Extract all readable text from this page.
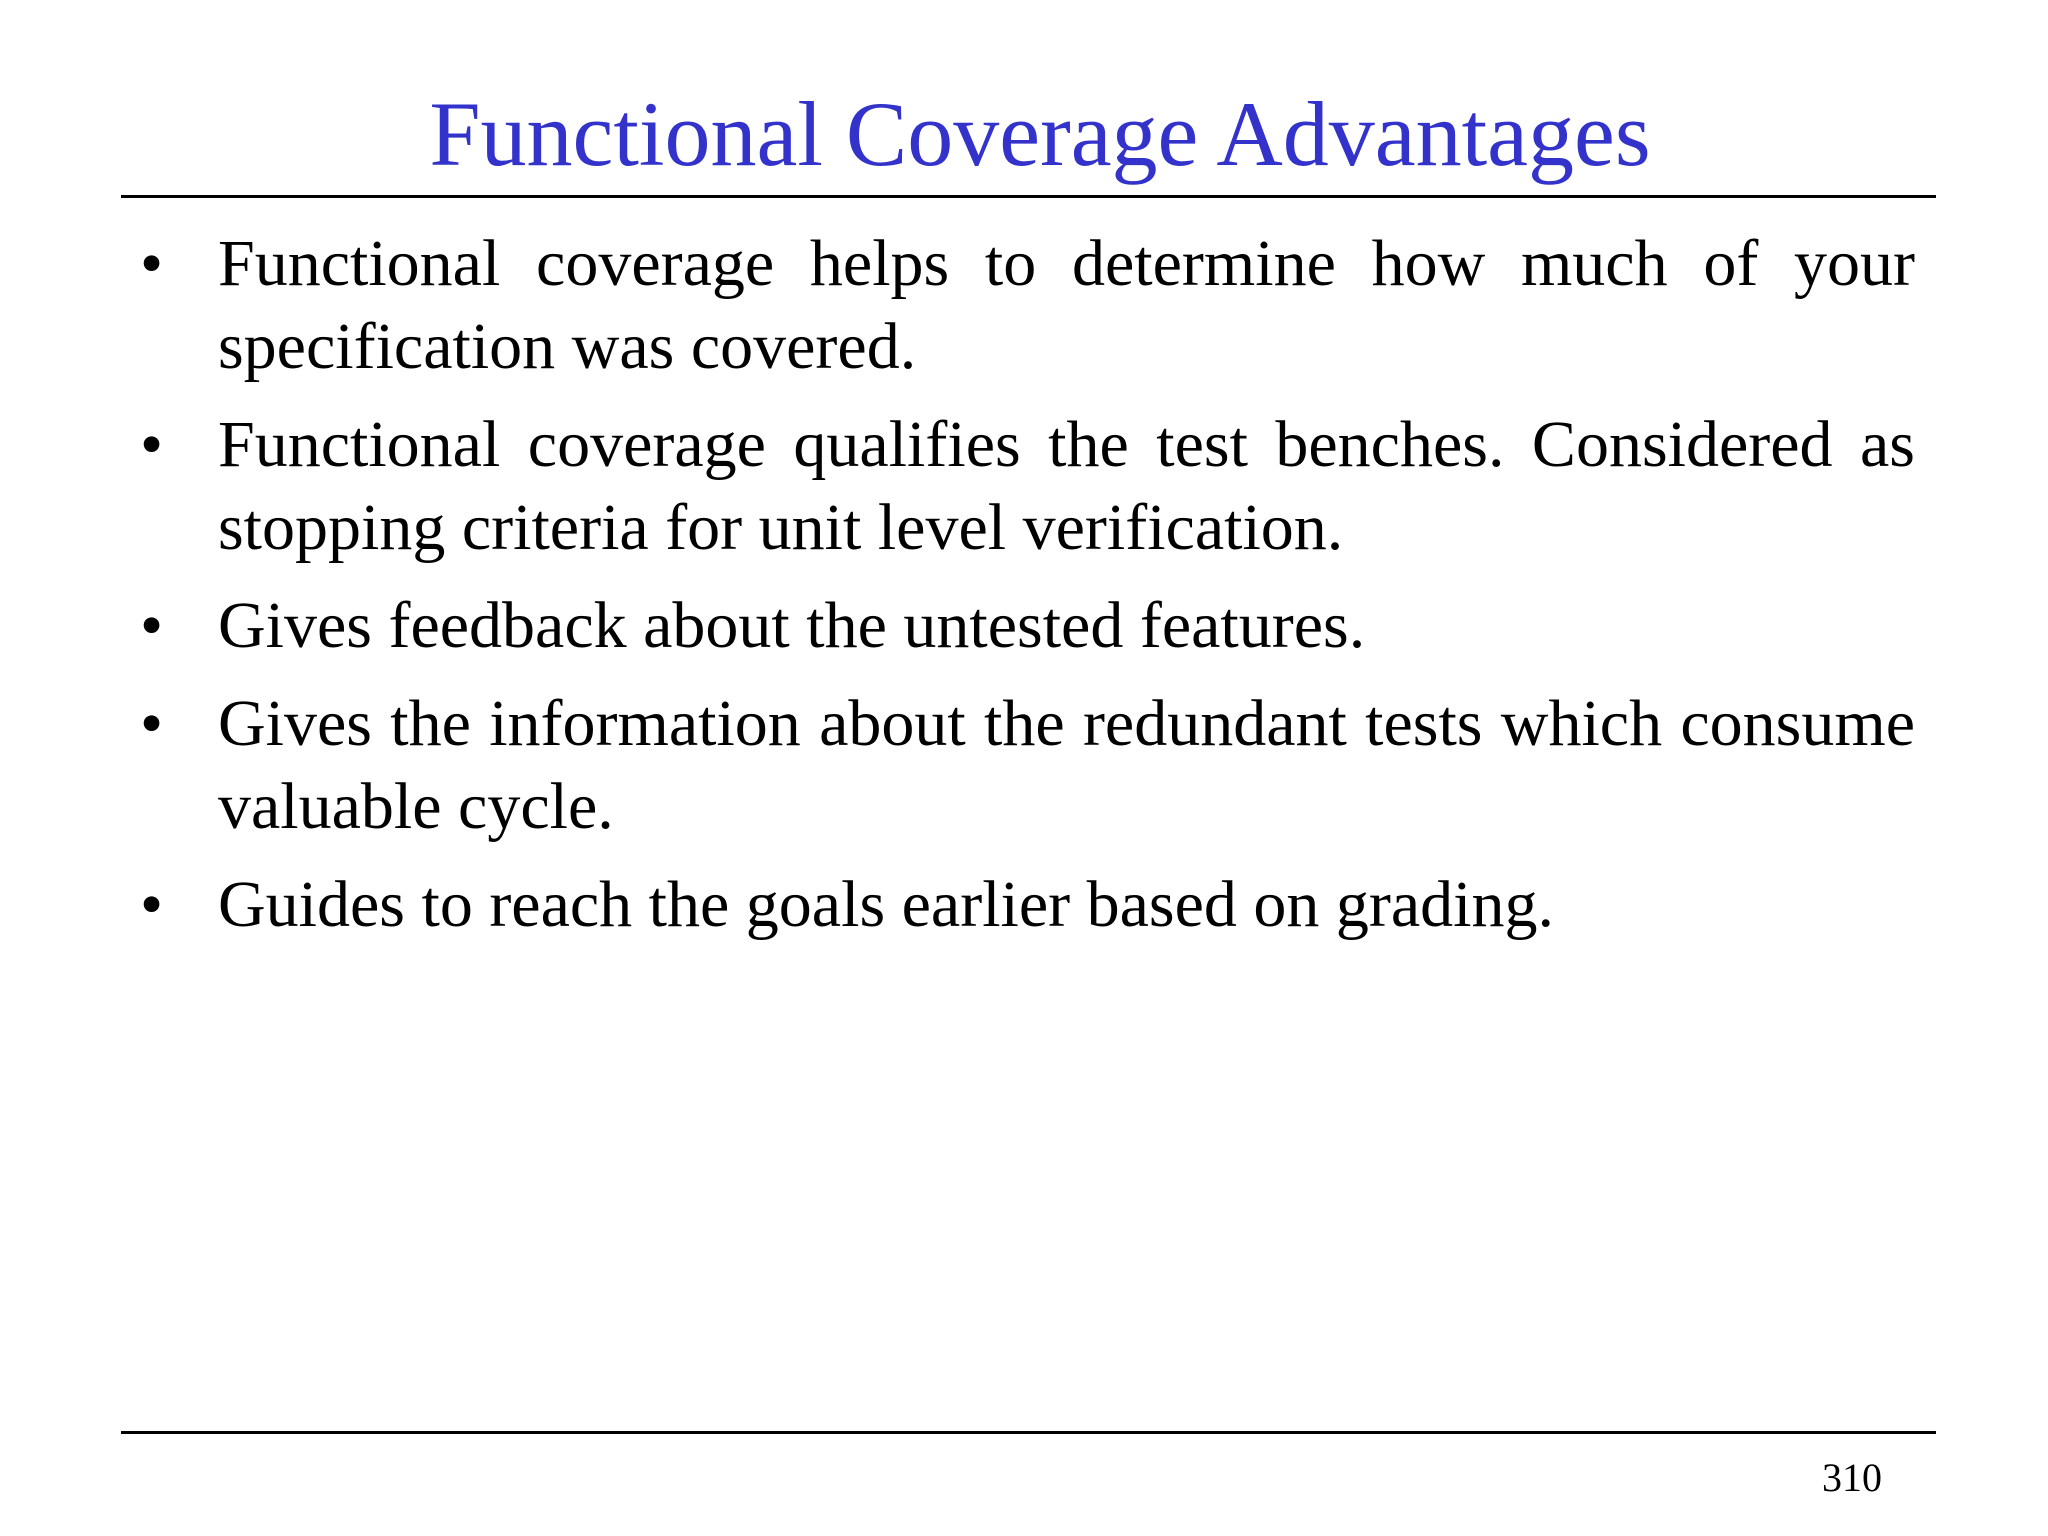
Functional Coverage Advantages
• Functional coverage helps to determine how much of your specification was covered.
• Functional coverage qualifies the test benches. Considered as stopping criteria for unit level verification.
• Gives feedback about the untested features.
• Gives the information about the redundant tests which consume valuable cycle.
• Guides to reach the goals earlier based on grading.
310
